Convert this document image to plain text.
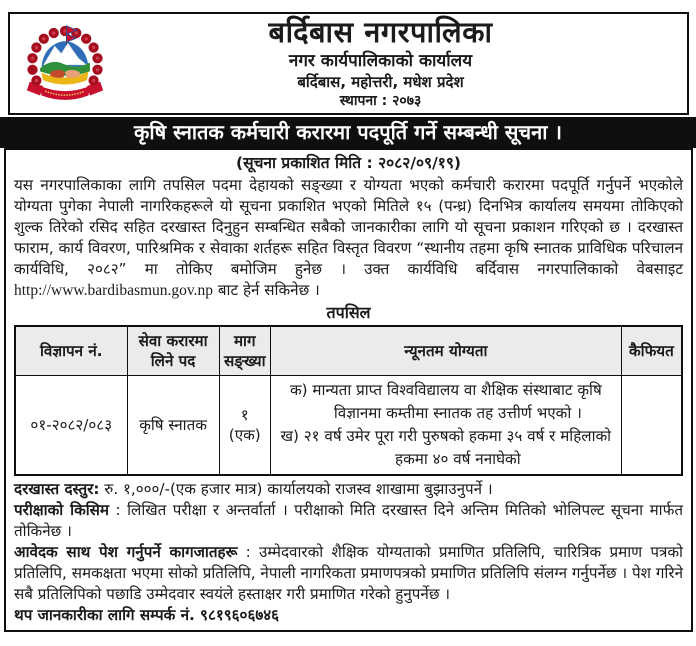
बर्दिबास नगरपालिका
नगर कार्यपालिकाको कार्यालय
बर्दिबास, महोत्तरी, मधेश प्रदेश
स्थापना : २०७३
कृषि स्नातक कर्मचारी करारमा पदपूर्ति गर्ने सम्बन्धी सूचना ।
(सूचना प्रकाशित मिति : २०८२/०९/१९)

यस नगरपालिकाका लागि तपसिल पदमा देहायको सङ्ख्या र योग्यता भएको कर्मचारी करारमा पदपूर्ति गर्नुपर्ने भएकोले योग्यता पुगेका नेपाली नागरिकहरूले यो सूचना प्रकाशित भएको मितिले १५ (पन्ध्र) दिनभित्र कार्यालय समयमा तोकिएको शुल्क तिरेको रसिद सहित दरखास्त दिनुहुन सम्बन्धित सबैको जानकारीका लागि यो सूचना प्रकाशन गरिएको छ । दरखास्त फाराम, कार्य विवरण, पारिश्रमिक र सेवाका शर्तहरू सहित विस्तृत विवरण “स्थानीय तहमा कृषि स्नातक प्राविधिक परिचालन कार्यविधि, २०८२” मा तोकिए बमोजिम हुनेछ । उक्त कार्यविधि बर्दिवास नगरपालिकाको वेबसाइट http://www.bardibasmun.gov.np बाट हेर्न सकिनेछ ।

तपसिल
विज्ञापन नं.	सेवा करारमा लिने पद	माग सङ्ख्या	न्यूनतम योग्यता	कैफियत
०१-२०८२/०८३	कृषि स्नातक	१ (एक)	क) मान्यता प्राप्त विश्वविद्यालय वा शैक्षिक संस्थाबाट कृषि विज्ञानमा कम्तीमा स्नातक तह उत्तीर्ण भएको ।
ख) २१ वर्ष उमेर पूरा गरी पुरुषको हकमा ३५ वर्ष र महिलाको हकमा ४० वर्ष ननाघेको	

दरखास्त दस्तुर: रु. १,०००/-(एक हजार मात्र) कार्यालयको राजस्व शाखामा बुझाउनुपर्ने ।

परीक्षाको किसिम : लिखित परीक्षा र अन्तर्वार्ता । परीक्षाको मिति दरखास्त दिने अन्तिम मितिको भोलिपल्ट सूचना मार्फत तोकिनेछ ।

आवेदक साथ पेश गर्नुपर्ने कागजातहरू : उम्मेदवारको शैक्षिक योग्यताको प्रमाणित प्रतिलिपि, चारित्रिक प्रमाण पत्रको प्रतिलिपि, समकक्षता भएमा सोको प्रतिलिपि, नेपाली नागरिकता प्रमाणपत्रको प्रमाणित प्रतिलिपि संलग्न गर्नुपर्नेछ । पेश गरिने सबै प्रतिलिपिको पछाडि उम्मेदवार स्वयंले हस्ताक्षर गरी प्रमाणित गरेको हुनुपर्नेछ ।

थप जानकारीका लागि सम्पर्क नं. ९८१९६०६७४६
